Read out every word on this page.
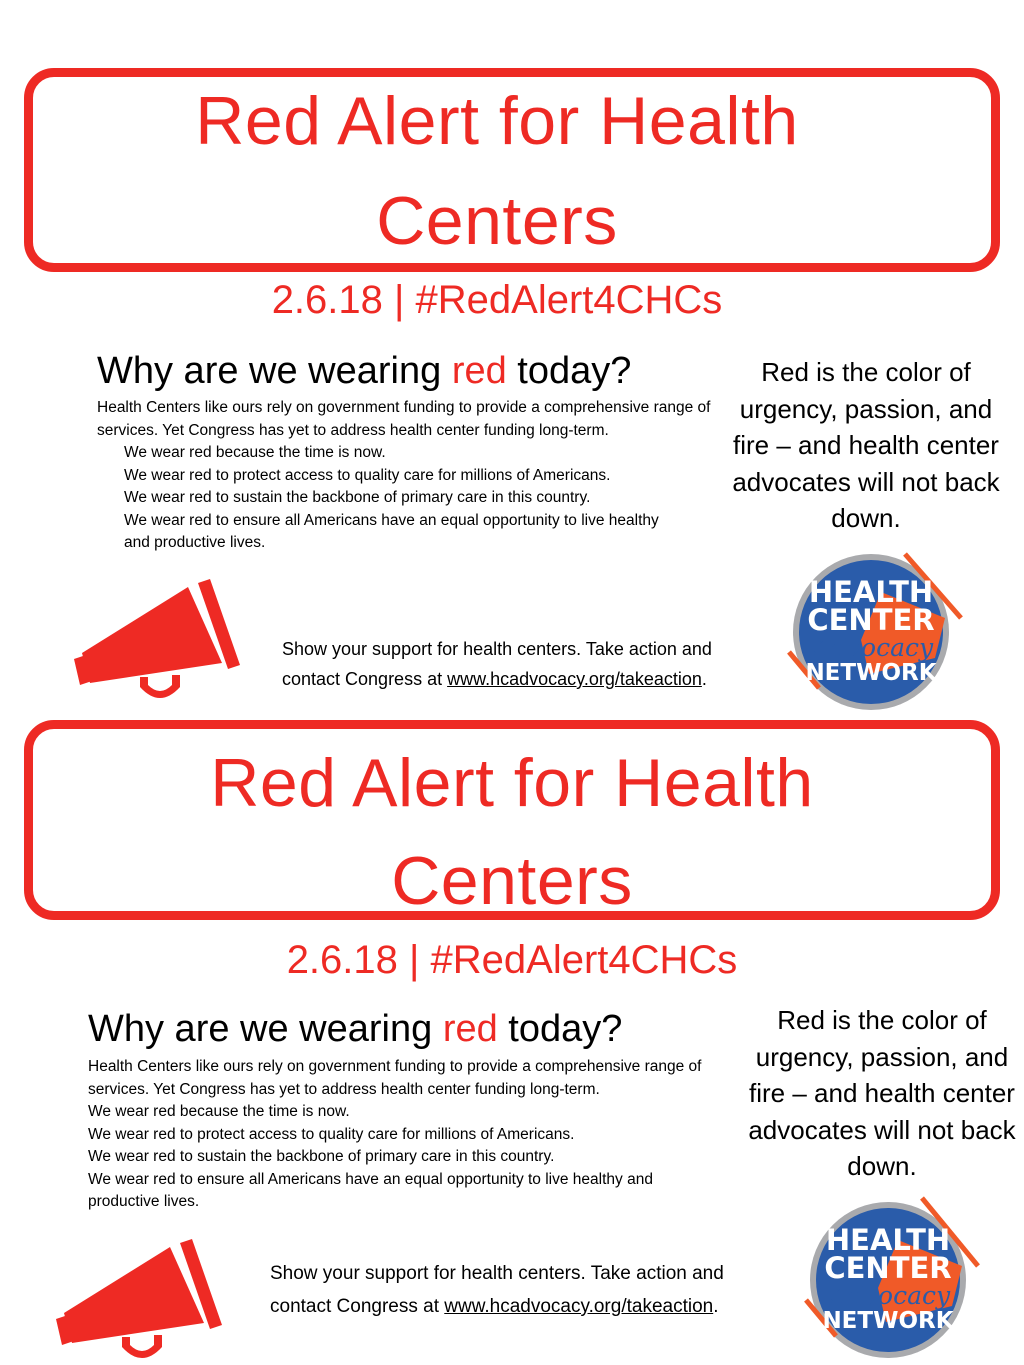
Red Alert for Health
Centers
2.6.18 | #RedAlert4CHCs
Why are we wearing red today?

Health Centers like ours rely on government funding to provide a comprehensive range of services. Yet Congress has yet to address health center funding long-term.

We wear red because the time is now.

We wear red to protect access to quality care for millions of Americans.

We wear red to sustain the backbone of primary care in this country.

We wear red to ensure all Americans have an equal opportunity to live healthy and productive lives.

Red is the color of urgency, passion, and fire – and health center advocates will not back down.

Show your support for health centers. Take action and contact Congress at www.hcadvocacy.org/takeaction.
HEALTH
CENTER
Advocacy
NETWORK
Red Alert for Health
Centers
2.6.18 | #RedAlert4CHCs
Why are we wearing red today?

Health Centers like ours rely on government funding to provide a comprehensive range of services. Yet Congress has yet to address health center funding long-term.

We wear red because the time is now.

We wear red to protect access to quality care for millions of Americans.

We wear red to sustain the backbone of primary care in this country.

We wear red to ensure all Americans have an equal opportunity to live healthy and productive lives.

Red is the color of urgency, passion, and fire – and health center advocates will not back down.

Show your support for health centers. Take action and contact Congress at www.hcadvocacy.org/takeaction.
HEALTH
CENTER
Advocacy
NETWORK
